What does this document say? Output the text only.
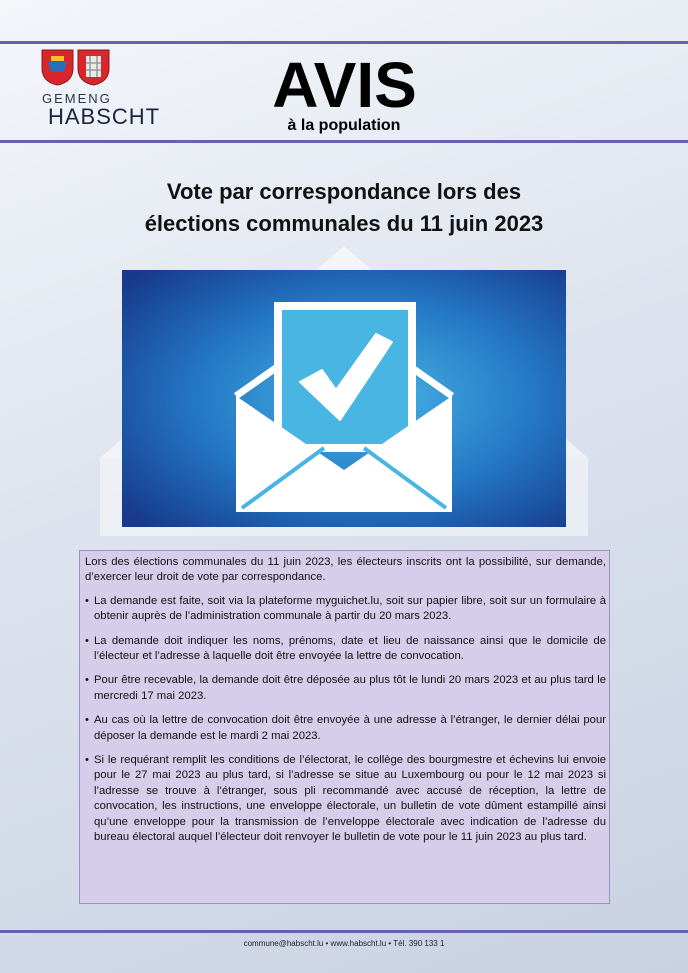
GEMENG
HABSCHT AVIS
à la population
Vote par correspondance lors des
élections communales du 11 juin 2023

Lors des élections communales du 11 juin 2023, les électeurs inscrits ont la possibilité, sur demande, d’exercer leur droit de vote par correspondance.

• La demande est faite, soit via la plateforme myguichet.lu, soit sur papier libre, soit sur un formulaire à obtenir auprès de l’administration communale à partir du 20 mars 2023.
• La demande doit indiquer les noms, prénoms, date et lieu de naissance ainsi que le domicile de l’électeur et l’adresse à laquelle doit être envoyée la lettre de convocation.
• Pour être recevable, la demande doit être déposée au plus tôt le lundi 20 mars 2023 et au plus tard le mercredi 17 mai 2023.
• Au cas où la lettre de convocation doit être envoyée à une adresse à l’étranger, le dernier délai pour déposer la demande est le mardi 2 mai 2023.
• Si le requérant remplit les conditions de l’électorat, le collège des bourgmestre et échevins lui envoie pour le 27 mai 2023 au plus tard, si l’adresse se situe au Luxembourg ou pour le 12 mai 2023 si l’adresse se trouve à l’étranger, sous pli recommandé avec accusé de réception, la lettre de convocation, les instructions, une enveloppe électorale, un bulletin de vote dûment estampillé ainsi qu’une enveloppe pour la transmission de l’enveloppe électorale avec indication de l’adresse du bureau électoral auquel l’électeur doit renvoyer le bulletin de vote pour le 11 juin 2023 au plus tard.
commune@habscht.lu • www.habscht.lu • Tél. 390 133 1
